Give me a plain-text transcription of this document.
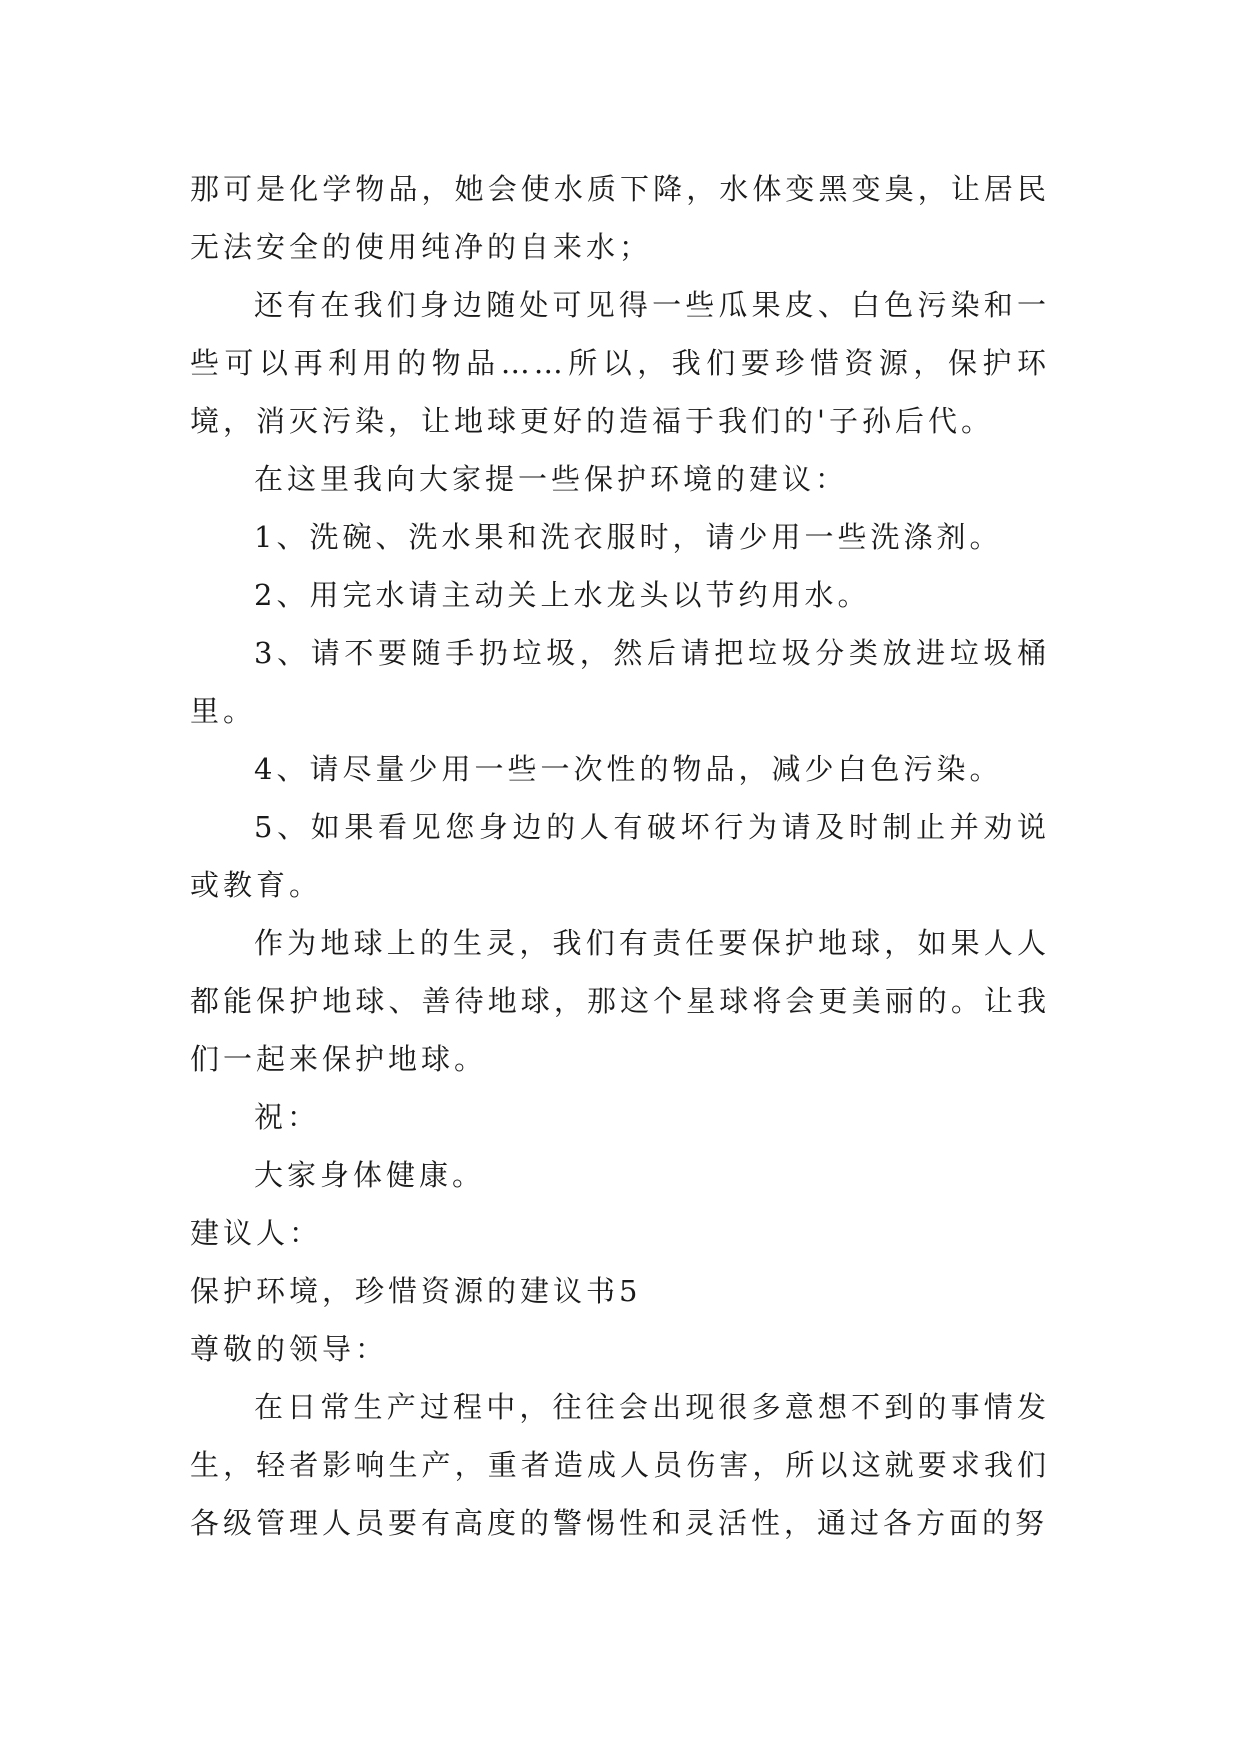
那可是化学物品，她会使水质下降，水体变黑变臭，让居民无法安全的使用纯净的自来水；

还有在我们身边随处可见得一些瓜果皮、白色污染和一些可以再利用的物品……所以，我们要珍惜资源，保护环境，消灭污染，让地球更好的造福于我们的'子孙后代。

在这里我向大家提一些保护环境的建议：

1、洗碗、洗水果和洗衣服时，请少用一些洗涤剂。

2、用完水请主动关上水龙头以节约用水。

3、请不要随手扔垃圾，然后请把垃圾分类放进垃圾桶里。

4、请尽量少用一些一次性的物品，减少白色污染。

5、如果看见您身边的人有破坏行为请及时制止并劝说或教育。

作为地球上的生灵，我们有责任要保护地球，如果人人都能保护地球、善待地球，那这个星球将会更美丽的。让我们一起来保护地球。

祝：

大家身体健康。

建议人：

保护环境，珍惜资源的建议书5

尊敬的领导：

在日常生产过程中，往往会出现很多意想不到的事情发生，轻者影响生产，重者造成人员伤害，所以这就要求我们各级管理人员要有高度的警惕性和灵活性，通过各方面的努
